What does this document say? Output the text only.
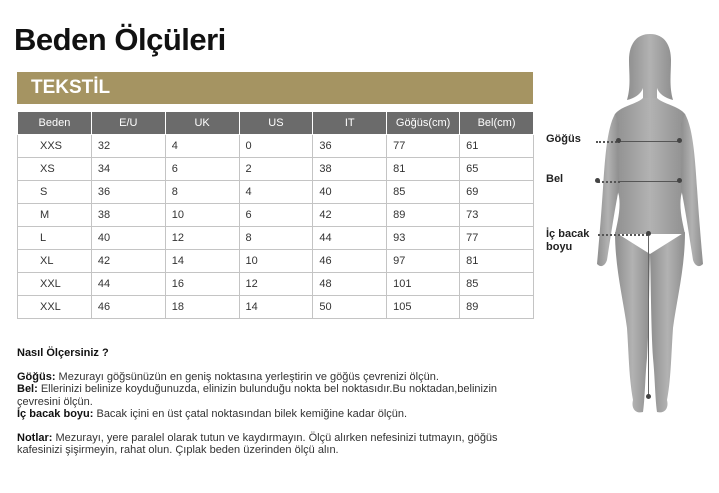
Beden Ölçüleri
TEKSTİL
Beden	E/U	UK	US	IT	Göğüs(cm)	Bel(cm)
XXS	32	4	0	36	77	61
XS	34	6	2	38	81	65
S	36	8	4	40	85	69
M	38	10	6	42	89	73
L	40	12	8	44	93	77
XL	42	14	10	46	97	81
XXL	44	16	12	48	101	85
XXL	46	18	14	50	105	89

Nasıl Ölçersiniz ?

Göğüs: Mezurayı göğsünüzün en geniş noktasına yerleştirin ve göğüs çevrenizi ölçün.

Bel: Ellerinizi belinize koyduğunuzda, elinizin bulunduğu nokta bel noktasıdır.Bu noktadan,belinizin çevresini ölçün.

İç bacak boyu: Bacak içini en üst çatal noktasından bilek kemiğine kadar ölçün.

Notlar: Mezurayı, yere paralel olarak tutun ve kaydırmayın. Ölçü alırken nefesinizi tutmayın, göğüs kafesinizi şişirmeyin, rahat olun. Çıplak beden üzerinden ölçü alın.

Göğüs
Bel
İç bacak
boyu
